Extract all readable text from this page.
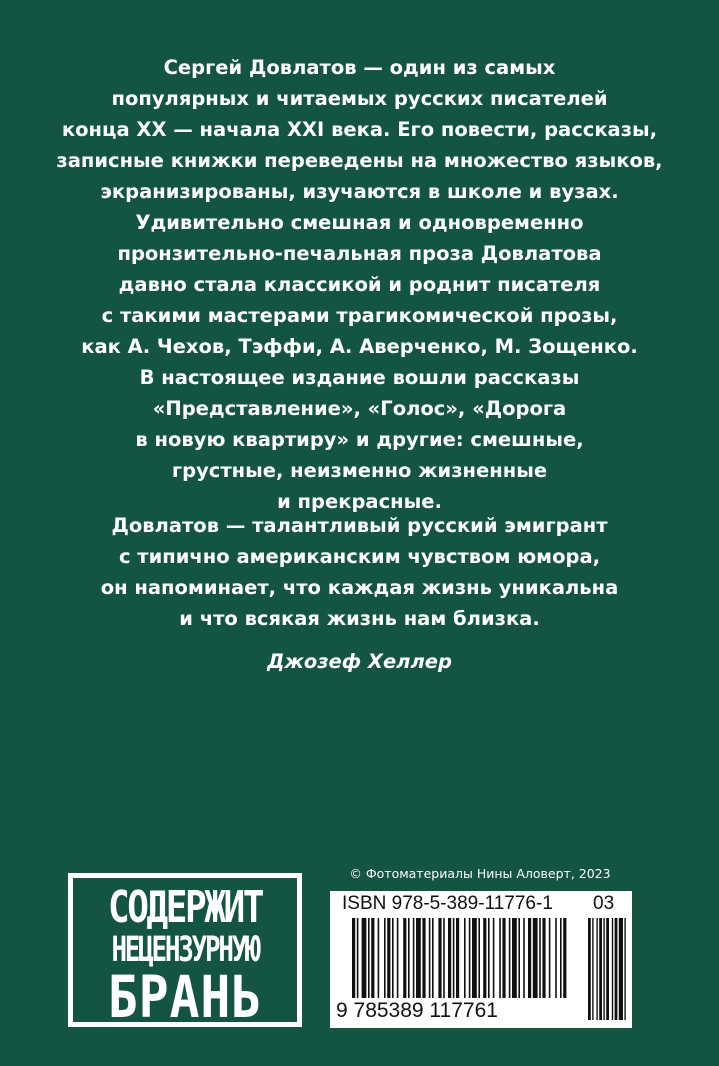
Сергей Довлатов — один из самых
популярных и читаемых русских писателей
конца XX — начала XXI века. Его повести, рассказы,
записные книжки переведены на множество языков,
экранизированы, изучаются в школе и вузах.
Удивительно смешная и одновременно
пронзительно-печальная проза Довлатова
давно стала классикой и роднит писателя
с такими мастерами трагикомической прозы,
как А. Чехов, Тэффи, А. Аверченко, М. Зощенко.
В настоящее издание вошли рассказы
«Представление», «Голос», «Дорога
в новую квартиру» и другие: смешные,
грустные, неизменно жизненные
и прекрасные.
Довлатов — талантливый русский эмигрант
с типично американским чувством юмора,
он напоминает, что каждая жизнь уникальна
и что всякая жизнь нам близка.
Джозеф Хеллер
СОДЕРЖИТ
НЕЦЕНЗУРНУЮ
БРАНЬ
© Фотоматериалы Нины Аловерт, 2023
ISBN 978-5-389-11776-1 03
9 785389 117761
